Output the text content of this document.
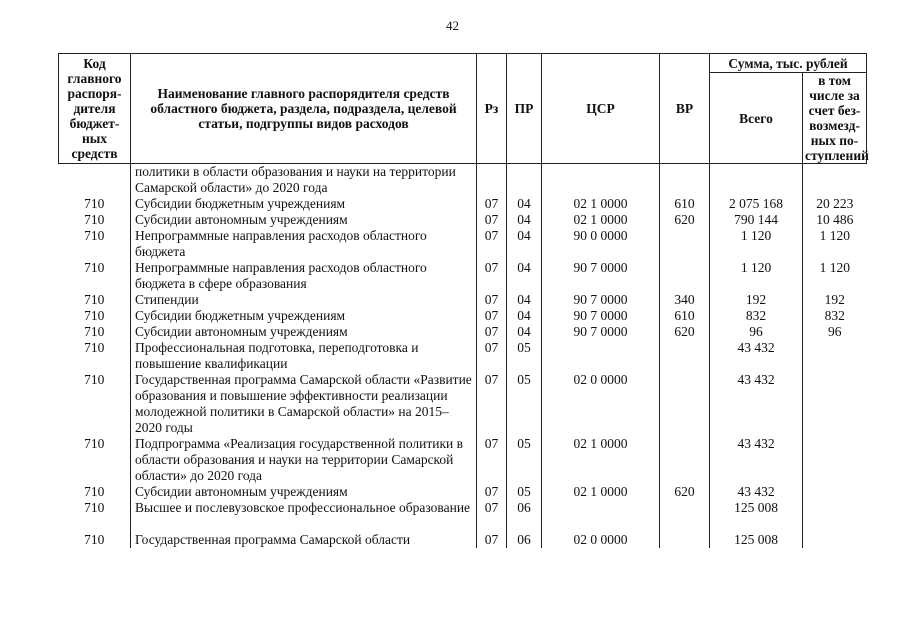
42
Код главного распоря- дителя бюджет- ных средств	Наименование главного распорядителя средств областного бюджета, раздела, подраздела, целевой статьи, подгруппы видов расходов	Рз	ПР	ЦСР	ВР	Сумма, тыс. рублей	
						Всего	в том числе за счет без- возмезд- ных по- ступлений
	политики в области образования и науки на территории Самарской области» до 2020 года						
710	Субсидии бюджетным учреждениям	07	04	02 1 0000	610	2 075 168	20 223
710	Субсидии автономным учреждениям	07	04	02 1 0000	620	790 144	10 486
710	Непрограммные направления расходов областного бюджета	07	04	90 0 0000		1 120	1 120
710	Непрограммные направления расходов областного бюджета в сфере образования	07	04	90 7 0000		1 120	1 120
710	Стипендии	07	04	90 7 0000	340	192	192
710	Субсидии бюджетным учреждениям	07	04	90 7 0000	610	832	832
710	Субсидии автономным учреждениям	07	04	90 7 0000	620	96	96
710	Профессиональная подготовка, переподготовка и повышение квалификации	07	05			43 432	
710	Государственная программа Самарской области «Развитие образования и повышение эффективности реализации молодежной политики в Самарской области» на 2015–2020 годы	07	05	02 0 0000		43 432	
710	Подпрограмма «Реализация государственной политики в области образования и науки на территории Самарской области» до 2020 года	07	05	02 1 0000		43 432	
710	Субсидии автономным учреждениям	07	05	02 1 0000	620	43 432	
710	Высшее и послевузовское профессиональное образование	07	06			125 008	
710	Государственная программа Самарской области	07	06	02 0 0000		125 008	
